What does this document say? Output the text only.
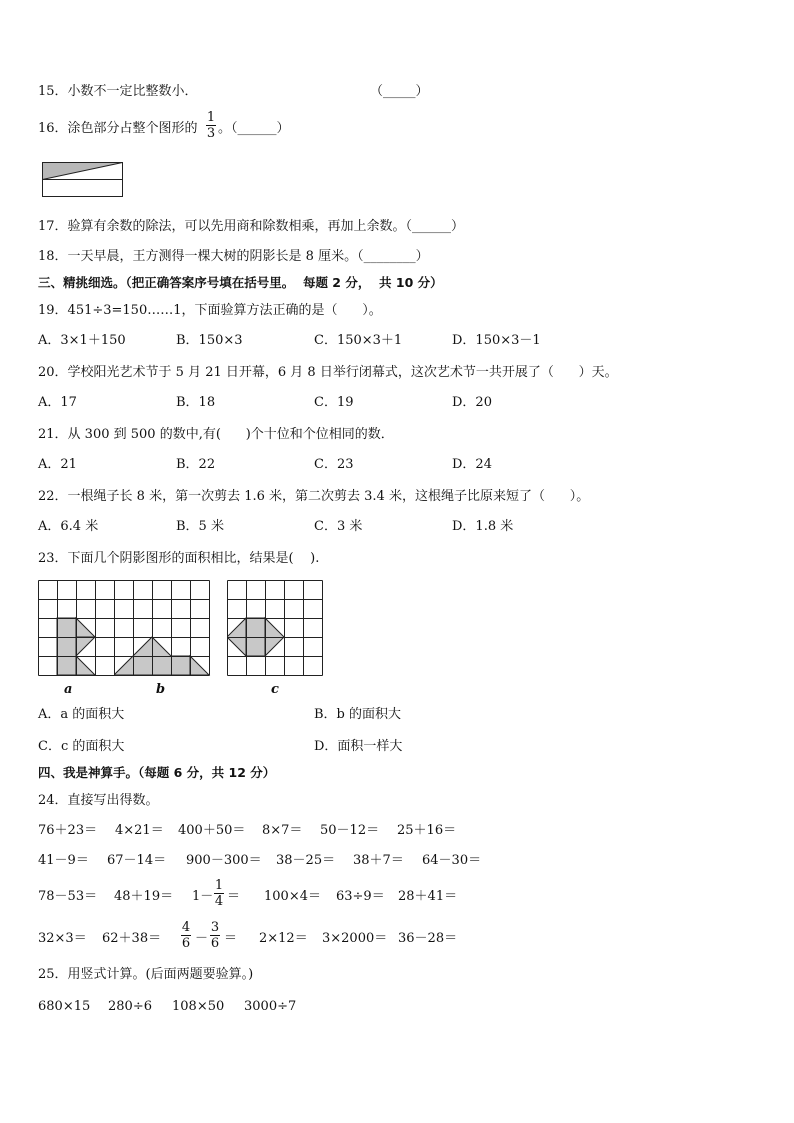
15．小数不一定比整数小．	（_____）
16．涂色部分占整个图形的
1
3 。（______）
17．验算有余数的除法，可以先用商和除数相乘，再加上余数。（______）
18．一天早晨，王方测得一棵大树的阴影长是 8 厘米。（________）
三、精挑细选。（把正确答案序号填在括号里。  每题 2 分，  共 10 分）
19．451÷3=150……1，下面验算方法正确的是（      ）。
A．3×1＋150	B．150×3	C．150×3＋1	D．150×3－1
20．学校阳光艺术节于 5 月 21 日开幕，6 月 8 日举行闭幕式，这次艺术节一共开展了（      ）天。
A．17	B．18	C．19	D．20
21．从 300 到 500 的数中,有(      )个十位和个位相同的数．
A．21	B．22	C．23	D．24
22．一根绳子长 8 米，第一次剪去 1.6 米，第二次剪去 3.4 米，这根绳子比原来短了（      ）。
A．6.4 米	B．5 米	C．3 米	D．1.8 米
23．下面几个阴影图形的面积相比，结果是(    ).
a	b	c
A．a 的面积大	B．b 的面积大
C．c 的面积大	D．面积一样大
四、我是神算手。（每题 6 分，共 12 分）
24．直接写出得数。
76＋23＝ 4×21＝ 400＋50＝ 8×7＝ 50－12＝ 25＋16＝
41－9＝ 67－14＝ 900－300＝ 38－25＝ 38＋7＝ 64－30＝
78－53＝ 48＋19＝ 1－
1
4 ＝ 100×4＝ 63÷9＝ 28＋41＝
32×3＝ 62＋38＝
4
6 －
3
6 ＝ 2×12＝ 3×2000＝ 36－28＝
25．用竖式计算。(后面两题要验算。)
680×15 280÷6 108×50 3000÷7
